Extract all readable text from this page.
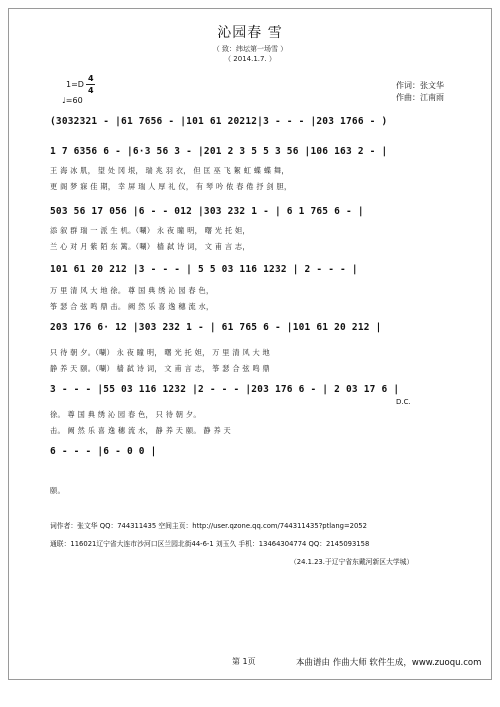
沁园春 雪
（ 致：纬坛第一场雪 ）
（ 2014.1.7. ）
1=D
4
4
♩=60
作词：张文华
作曲：江南雨
(3032321 - |61 7656 - |101 61 20212|3 - - - |203 1766 - )
1 7 6356 6 - |6·3 56 3 - |201 2 3 5 5 3 56 |106 163 2 - |
王 海 冰 肌， 望 处 冈 垠， 瑞 兆 羽 衣， 但 匡 巫 飞 絮 虹 蝶 蝶 舞，
更 阁 梦 寐 佳 期， 幸 屏 瑞 人 厚 礼 仪， 有 琴 吟 侬 春 倦 抒 剑 胆，
503 56 17 056 |6 - - 012 |303 232 1 - | 6 1 765 6 - |
添 叙 群 瑞 一 派 生 机。（唰） 永 夜 瞳 明， 曙 光 托 妲，
兰 心 对 月 紫 陌 东 篱。（唰） 樯 弑 诗 词， 文 甫 言 志，
101 61 20 212 |3 - - - | 5 5 03 116 1232 | 2 - - - |
万 里 清 风 大 地 徐。 尊 国 典 绣 沁 园 春 色，
筝 瑟 合 弦 鸣 鼎 击。 阙 然 乐 喜 逸 穗 流 水，
203 176 6· 12 |303 232 1 - | 61 765 6 - |101 61 20 212 |
只 待 朝 夕。（唰） 永 夜 瞳 明， 曙 光 托 妲， 万 里 清 风 大 地
静 养 天 颐。（唰） 樯 弑 诗 词， 文 甫 言 志， 筝 瑟 合 弦 鸣 鼎
3 - - - |55 03 116 1232 |2 - - - |203 176 6 - | 2 03 17 6 |
D.C.
徐。 尊 国 典 绣 沁 园 春 色， 只 待 朝 夕。
击。 阙 然 乐 喜 逸 穗 流 水， 静 养 天 颐。 静 养 天
6 - - - |6 - 0 0 |
颐。
词作者：张文华 QQ：744311435 空间主页：http://user.qzone.qq.com/744311435?ptlang=2052
通联：116021辽宁省大连市沙河口区兰园北街44-6-1 刘玉久 手机：13464304774 QQ：2145093158
（24.1.23.于辽宁省东戴河新区大学城）
第 1页	本曲谱由 作曲大师 软件生成，www.zuoqu.com
